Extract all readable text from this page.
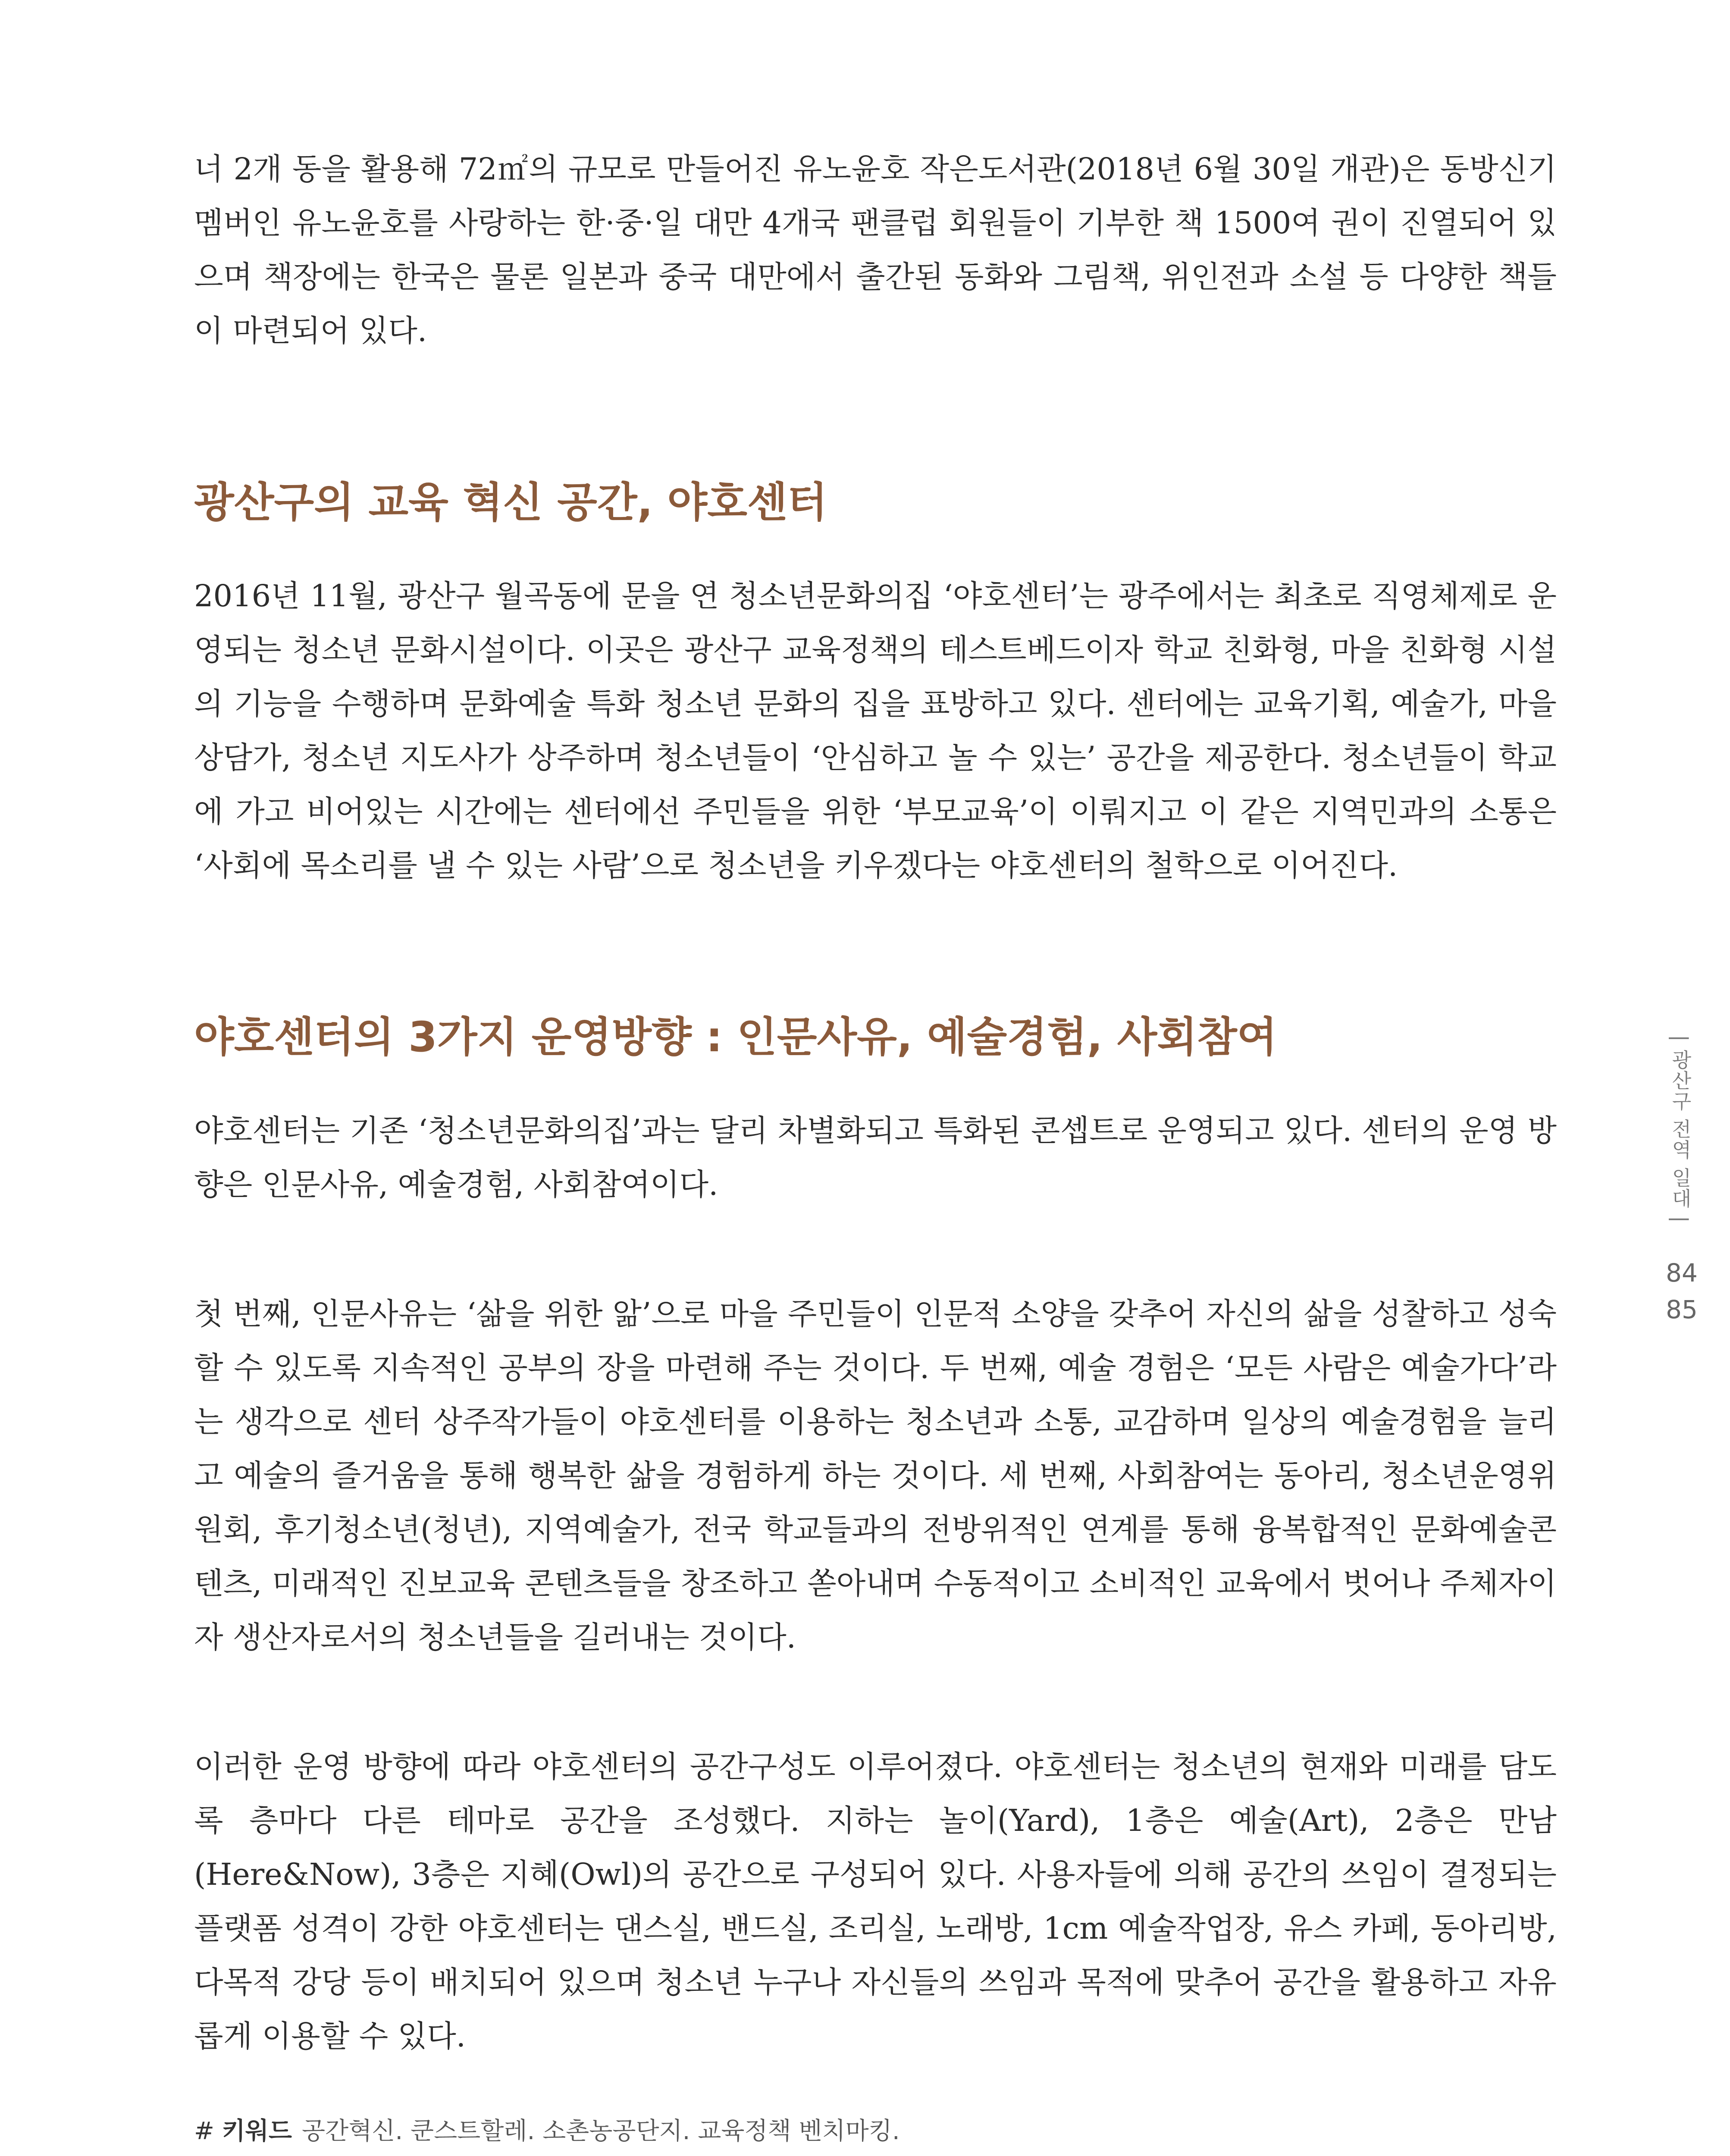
너 2개 동을 활용해 72㎡의 규모로 만들어진 유노윤호 작은도서관(2018년 6월 30일 개관)은 동방신기 멤버인 유노윤호를 사랑하는 한·중·일 대만 4개국 팬클럽 회원들이 기부한 책 1500여 권이 진열되어 있으며 책장에는 한국은 물론 일본과 중국 대만에서 출간된 동화와 그림책, 위인전과 소설 등 다양한 책들이 마련되어 있다.

광산구의 교육 혁신 공간, 야호센터

2016년 11월, 광산구 월곡동에 문을 연 청소년문화의집 ‘야호센터’는 광주에서는 최초로 직영체제로 운영되는 청소년 문화시설이다. 이곳은 광산구 교육정책의 테스트베드이자 학교 친화형, 마을 친화형 시설의 기능을 수행하며 문화예술 특화 청소년 문화의 집을 표방하고 있다. 센터에는 교육기획, 예술가, 마을 상담가, 청소년 지도사가 상주하며 청소년들이 ‘안심하고 놀 수 있는’ 공간을 제공한다. 청소년들이 학교에 가고 비어있는 시간에는 센터에선 주민들을 위한 ‘부모교육’이 이뤄지고 이 같은 지역민과의 소통은 ‘사회에 목소리를 낼 수 있는 사람’으로 청소년을 키우겠다는 야호센터의 철학으로 이어진다.

야호센터의 3가지 운영방향 : 인문사유, 예술경험, 사회참여

야호센터는 기존 ‘청소년문화의집’과는 달리 차별화되고 특화된 콘셉트로 운영되고 있다. 센터의 운영 방향은 인문사유, 예술경험, 사회참여이다.

첫 번째, 인문사유는 ‘삶을 위한 앎’으로 마을 주민들이 인문적 소양을 갖추어 자신의 삶을 성찰하고 성숙할 수 있도록 지속적인 공부의 장을 마련해 주는 것이다. 두 번째, 예술 경험은 ‘모든 사람은 예술가다’라는 생각으로 센터 상주작가들이 야호센터를 이용하는 청소년과 소통, 교감하며 일상의 예술경험을 늘리고 예술의 즐거움을 통해 행복한 삶을 경험하게 하는 것이다. 세 번째, 사회참여는 동아리, 청소년운영위원회, 후기청소년(청년), 지역예술가, 전국 학교들과의 전방위적인 연계를 통해 융복합적인 문화예술콘텐츠, 미래적인 진보교육 콘텐츠들을 창조하고 쏟아내며 수동적이고 소비적인 교육에서 벗어나 주체자이자 생산자로서의 청소년들을 길러내는 것이다.

이러한 운영 방향에 따라 야호센터의 공간구성도 이루어졌다. 야호센터는 청소년의 현재와 미래를 담도록 층마다 다른 테마로 공간을 조성했다. 지하는 놀이(Yard), 1층은 예술(Art), 2층은 만남(Here&Now), 3층은 지혜(Owl)의 공간으로 구성되어 있다. 사용자들에 의해 공간의 쓰임이 결정되는 플랫폼 성격이 강한 야호센터는 댄스실, 밴드실, 조리실, 노래방, 1cm 예술작업장, 유스 카페, 동아리방, 다목적 강당 등이 배치되어 있으며 청소년 누구나 자신들의 쓰임과 목적에 맞추어 공간을 활용하고 자유롭게 이용할 수 있다.

# 키워드 공간혁신. 쿤스트할레. 소촌농공단지. 교육정책 벤치마킹.
| 광산구 전역 일대 |
84
85
